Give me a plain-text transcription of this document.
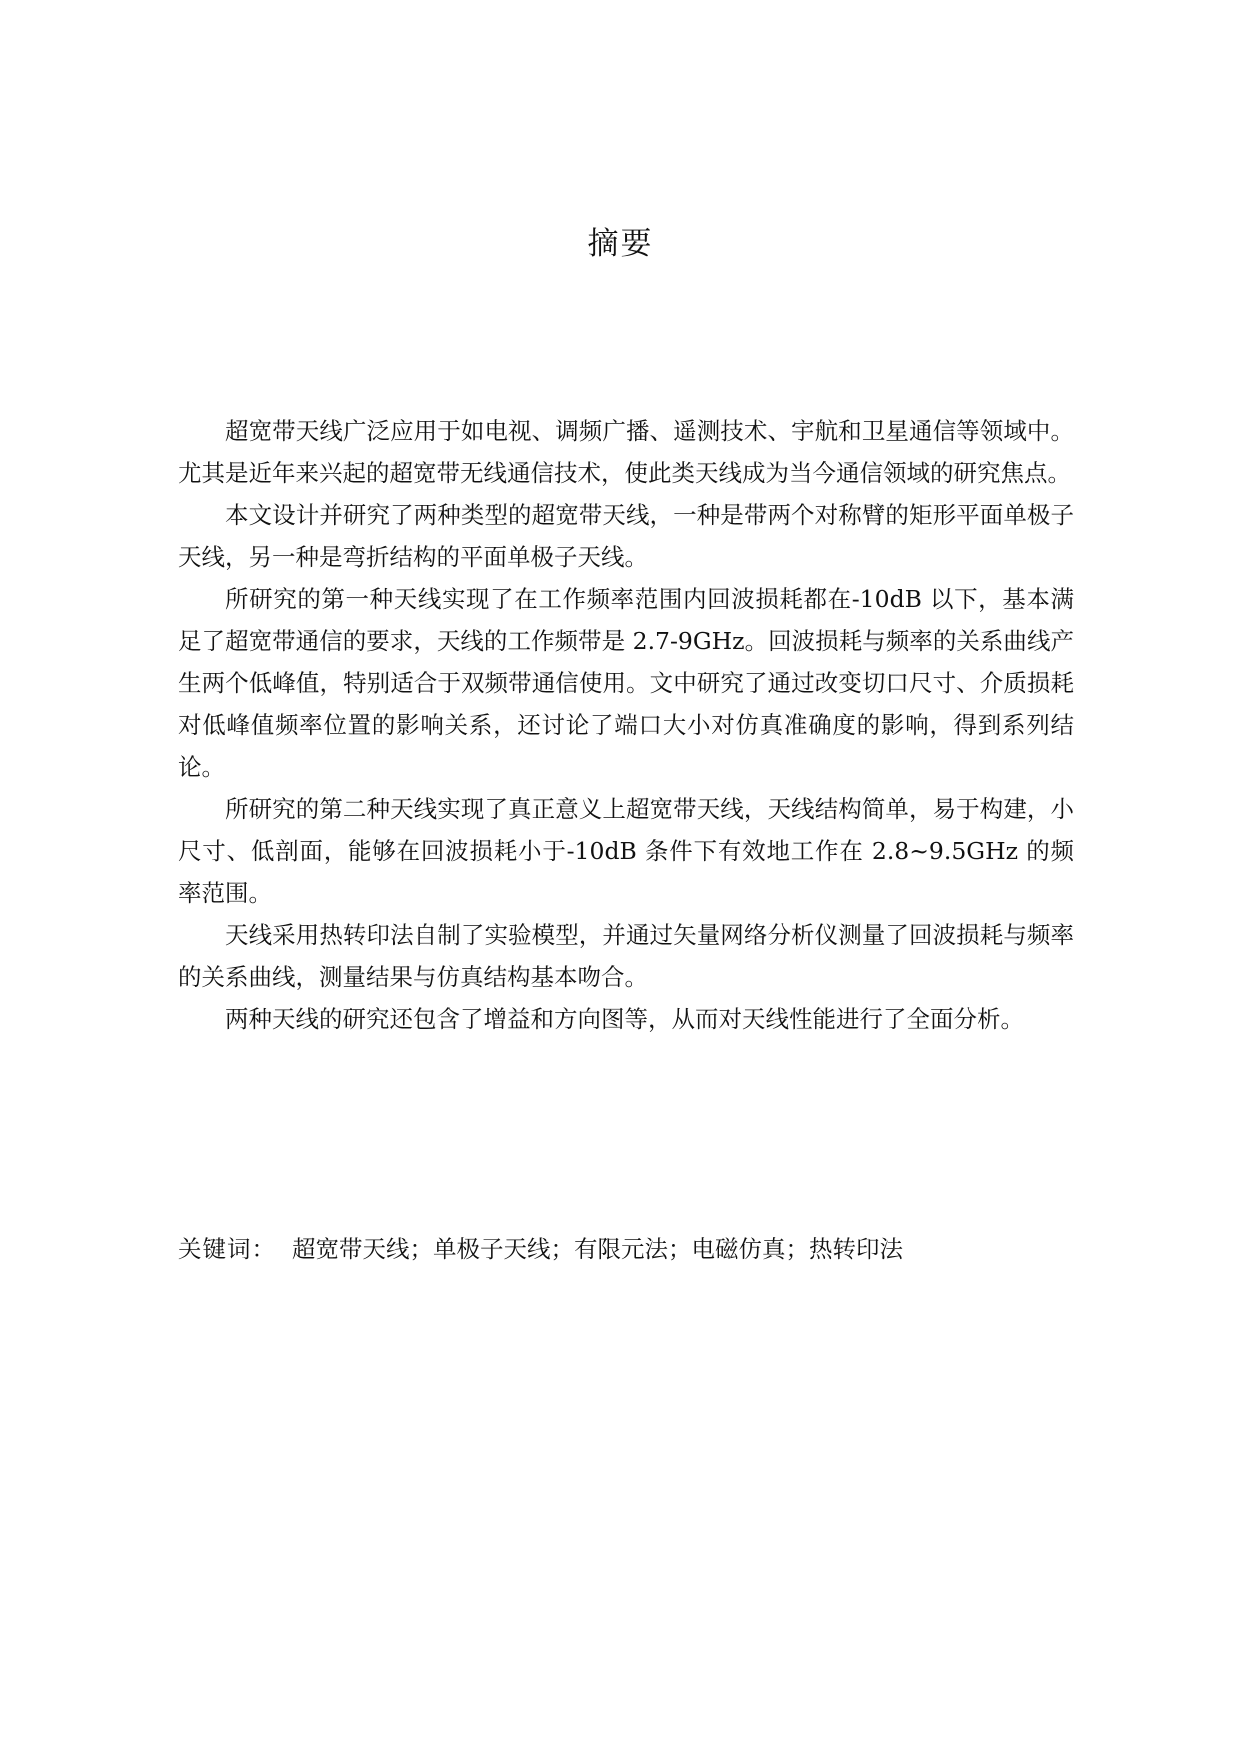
摘要

超宽带天线广泛应用于如电视、调频广播、遥测技术、宇航和卫星通信等领域中。尤其是近年来兴起的超宽带无线通信技术，使此类天线成为当今通信领域的研究焦点。

本文设计并研究了两种类型的超宽带天线，一种是带两个对称臂的矩形平面单极子天线，另一种是弯折结构的平面单极子天线。

所研究的第一种天线实现了在工作频率范围内回波损耗都在-10dB 以下，基本满足了超宽带通信的要求，天线的工作频带是 2.7-9GHz。回波损耗与频率的关系曲线产生两个低峰值，特别适合于双频带通信使用。文中研究了通过改变切口尺寸、介质损耗对低峰值频率位置的影响关系，还讨论了端口大小对仿真准确度的影响，得到系列结论。

所研究的第二种天线实现了真正意义上超宽带天线，天线结构简单，易于构建，小尺寸、低剖面，能够在回波损耗小于-10dB 条件下有效地工作在 2.8~9.5GHz 的频率范围。

天线采用热转印法自制了实验模型，并通过矢量网络分析仪测量了回波损耗与频率的关系曲线，测量结果与仿真结构基本吻合。

两种天线的研究还包含了增益和方向图等，从而对天线性能进行了全面分析。

关键词： 超宽带天线；单极子天线；有限元法；电磁仿真；热转印法
